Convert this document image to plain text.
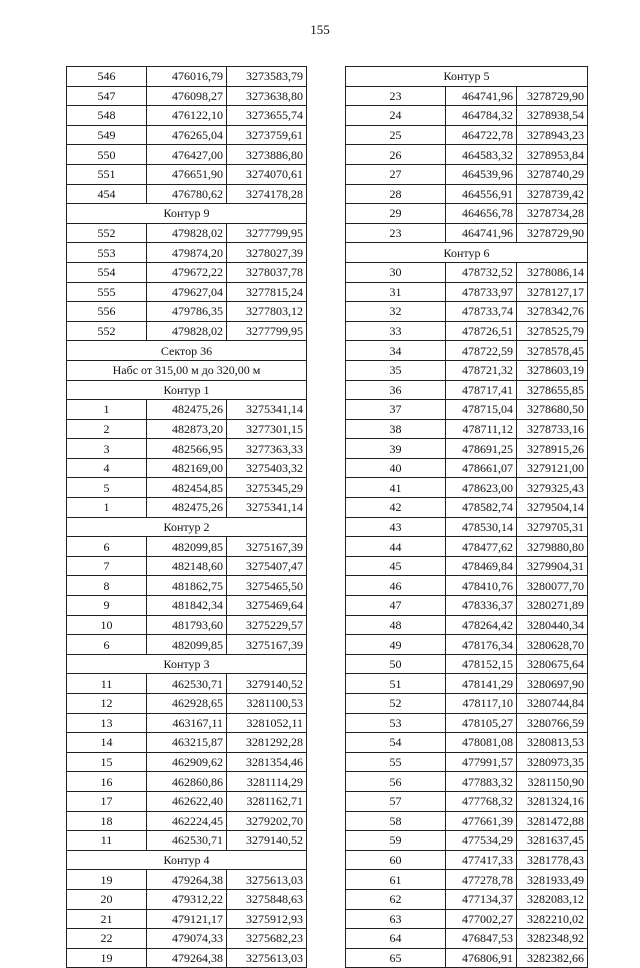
155
546	476016,79	3273583,79
547	476098,27	3273638,80
548	476122,10	3273655,74
549	476265,04	3273759,61
550	476427,00	3273886,80
551	476651,90	3274070,61
454	476780,62	3274178,28
Контур 9		
552	479828,02	3277799,95
553	479874,20	3278027,39
554	479672,22	3278037,78
555	479627,04	3277815,24
556	479786,35	3277803,12
552	479828,02	3277799,95
Сектор 36		
Набс от 315,00 м до 320,00 м		
Контур 1		
1	482475,26	3275341,14
2	482873,20	3277301,15
3	482566,95	3277363,33
4	482169,00	3275403,32
5	482454,85	3275345,29
1	482475,26	3275341,14
Контур 2		
6	482099,85	3275167,39
7	482148,60	3275407,47
8	481862,75	3275465,50
9	481842,34	3275469,64
10	481793,60	3275229,57
6	482099,85	3275167,39
Контур 3		
11	462530,71	3279140,52
12	462928,65	3281100,53
13	463167,11	3281052,11
14	463215,87	3281292,28
15	462909,62	3281354,46
16	462860,86	3281114,29
17	462622,40	3281162,71
18	462224,45	3279202,70
11	462530,71	3279140,52
Контур 4		
19	479264,38	3275613,03
20	479312,22	3275848,63
21	479121,17	3275912,93
22	479074,33	3275682,23
19	479264,38	3275613,03
Контур 5		
23	464741,96	3278729,90
24	464784,32	3278938,54
25	464722,78	3278943,23
26	464583,32	3278953,84
27	464539,96	3278740,29
28	464556,91	3278739,42
29	464656,78	3278734,28
23	464741,96	3278729,90
Контур 6		
30	478732,52	3278086,14
31	478733,97	3278127,17
32	478733,74	3278342,76
33	478726,51	3278525,79
34	478722,59	3278578,45
35	478721,32	3278603,19
36	478717,41	3278655,85
37	478715,04	3278680,50
38	478711,12	3278733,16
39	478691,25	3278915,26
40	478661,07	3279121,00
41	478623,00	3279325,43
42	478582,74	3279504,14
43	478530,14	3279705,31
44	478477,62	3279880,80
45	478469,84	3279904,31
46	478410,76	3280077,70
47	478336,37	3280271,89
48	478264,42	3280440,34
49	478176,34	3280628,70
50	478152,15	3280675,64
51	478141,29	3280697,90
52	478117,10	3280744,84
53	478105,27	3280766,59
54	478081,08	3280813,53
55	477991,57	3280973,35
56	477883,32	3281150,90
57	477768,32	3281324,16
58	477661,39	3281472,88
59	477534,29	3281637,45
60	477417,33	3281778,43
61	477278,78	3281933,49
62	477134,37	3282083,12
63	477002,27	3282210,02
64	476847,53	3282348,92
65	476806,91	3282382,66
